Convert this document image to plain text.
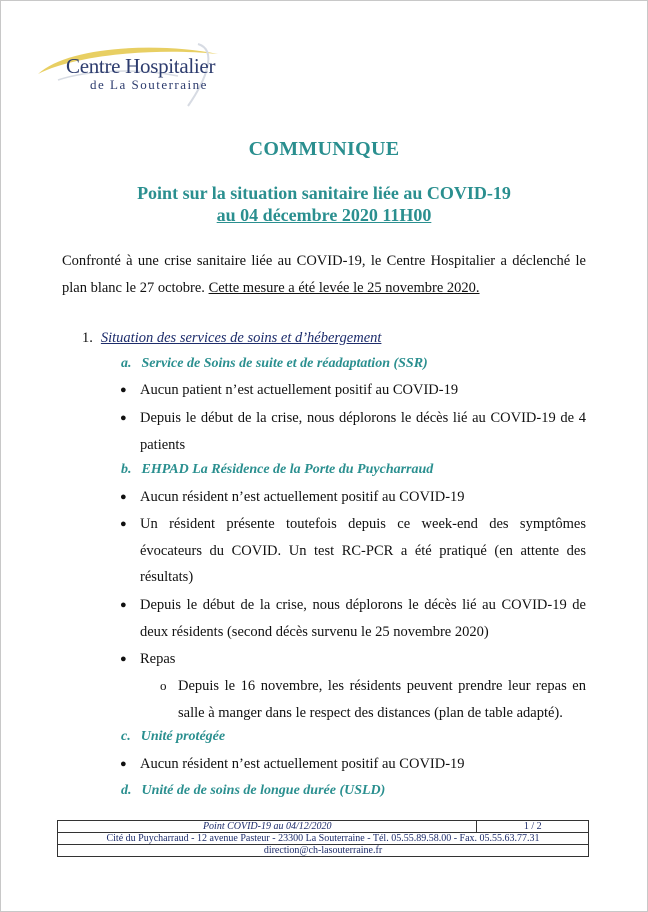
Centre Hospitalier
de La Souterraine
COMMUNIQUE
Point sur la situation sanitaire liée au COVID-19
au 04 décembre 2020 11H00
Confronté à une crise sanitaire liée au COVID-19, le Centre Hospitalier a déclenché le plan blanc le 27 octobre. Cette mesure a été levée le 25 novembre 2020.
1. Situation des services de soins et d’hébergement
a. Service de Soins de suite et de réadaptation (SSR)
● Aucun patient n’est actuellement positif au COVID-19
● Depuis le début de la crise, nous déplorons le décès lié au COVID-19 de 4 patients
b. EHPAD La Résidence de la Porte du Puycharraud
● Aucun résident n’est actuellement positif au COVID-19
● Un résident présente toutefois depuis ce week-end des symptômes évocateurs du COVID. Un test RC-PCR a été pratiqué (en attente des résultats)
● Depuis le début de la crise, nous déplorons le décès lié au COVID-19 de deux résidents (second décès survenu le 25 novembre 2020)
● Repas
o Depuis le 16 novembre, les résidents peuvent prendre leur repas en salle à manger dans le respect des distances (plan de table adapté).
c. Unité protégée
● Aucun résident n’est actuellement positif au COVID-19
d. Unité de de soins de longue durée (USLD)
Point COVID-19 au 04/12/2020	1 / 2
Cité du Puycharraud - 12 avenue Pasteur - 23300 La Souterraine - Tél. 05.55.89.58.00 - Fax. 05.55.63.77.31
direction@ch-lasouterraine.fr
